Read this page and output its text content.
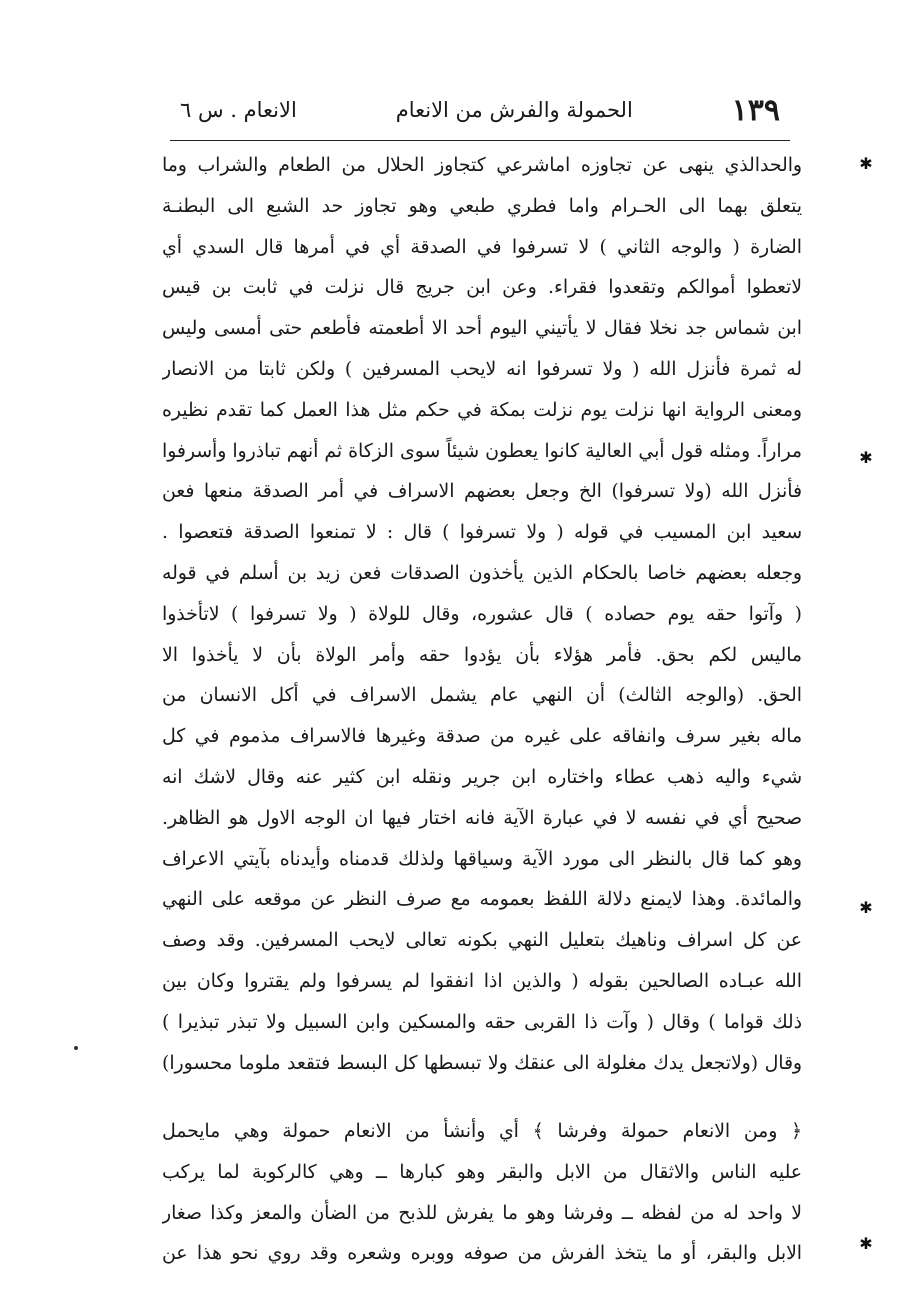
الانعام . س ٦	الحمولة والفرش من الانعام	١٣٩
والحدالذي ينهى عن تجاوزه اماشرعي كتجاوز الحلال من الطعام والشراب وما
يتعلق بهما الى الحـرام واما فطري طبعي وهو تجاوز حد الشبع الى البطنـة
الضارة ( والوجه الثاني ) لا تسرفوا في الصدقة أي في أمرها قال السدي أي
لاتعطوا أموالكم وتقعدوا فقراء. وعن ابن جريج قال نزلت في ثابت بن قيس
ابن شماس جد نخلا فقال لا يأتيني اليوم أحد الا أطعمته فأطعم حتى أمسى وليس
له ثمرة فأنزل الله ( ولا تسرفوا انه لايحب المسرفين ) ولكن ثابتا من الانصار
ومعنى الرواية انها نزلت يوم نزلت بمكة في حكم مثل هذا العمل كما تقدم نظيره
مراراً. ومثله قول أبي العالية كانوا يعطون شيئاً سوى الزكاة ثم أنهم تباذروا وأسرفوا
فأنزل الله (ولا تسرفوا) الخ وجعل بعضهم الاسراف في أمر الصدقة منعها فعن
سعيد ابن المسيب في قوله ( ولا تسرفوا ) قال : لا تمنعوا الصدقة فتعصوا .
وجعله بعضهم خاصا بالحكام الذين يأخذون الصدقات فعن زيد بن أسلم في قوله
( وآتوا حقه يوم حصاده ) قال عشوره، وقال للولاة ( ولا تسرفوا ) لاتأخذوا
ماليس لكم بحق. فأمر هؤلاء بأن يؤدوا حقه وأمر الولاة بأن لا يأخذوا الا
الحق. (والوجه الثالث) أن النهي عام يشمل الاسراف في أكل الانسان من
ماله بغير سرف وانفاقه على غيره من صدقة وغيرها فالاسراف مذموم في كل
شيء واليه ذهب عطاء واختاره ابن جرير ونقله ابن كثير عنه وقال لاشك انه
صحيح أي في نفسه لا في عبارة الآية فانه اختار فيها ان الوجه الاول هو الظاهر.
وهو كما قال بالنظر الى مورد الآية وسياقها ولذلك قدمناه وأيدناه بآيتي الاعراف
والمائدة. وهذا لايمنع دلالة اللفظ بعمومه مع صرف النظر عن موقعه على النهي
عن كل اسراف وناهيك بتعليل النهي بكونه تعالى لايحب المسرفين. وقد وصف
الله عبـاده الصالحين بقوله ( والذين اذا انفقوا لم يسرفوا ولم يقتروا وكان بين
ذلك قواما ) وقال ( وآت ذا القربى حقه والمسكين وابن السبيل ولا تبذر تبذيرا )
وقال (ولاتجعل يدك مغلولة الى عنقك ولا تبسطها كل البسط فتقعد ملوما محسورا)
﴿ ومن الانعام حمولة وفرشا ﴾ أي وأنشأ من الانعام حمولة وهي مايحمل
عليه الناس والاثقال من الابل والبقر وهو كبارها ــ وهي كالركوبة لما يركب
لا واحد له من لفظه ــ وفرشا وهو ما يفرش للذبح من الضأن والمعز وكذا صغار
الابل والبقر، أو ما يتخذ الفرش من صوفه ووبره وشعره وقد روي نحو هذا عن
✱
✱
✱
✱
